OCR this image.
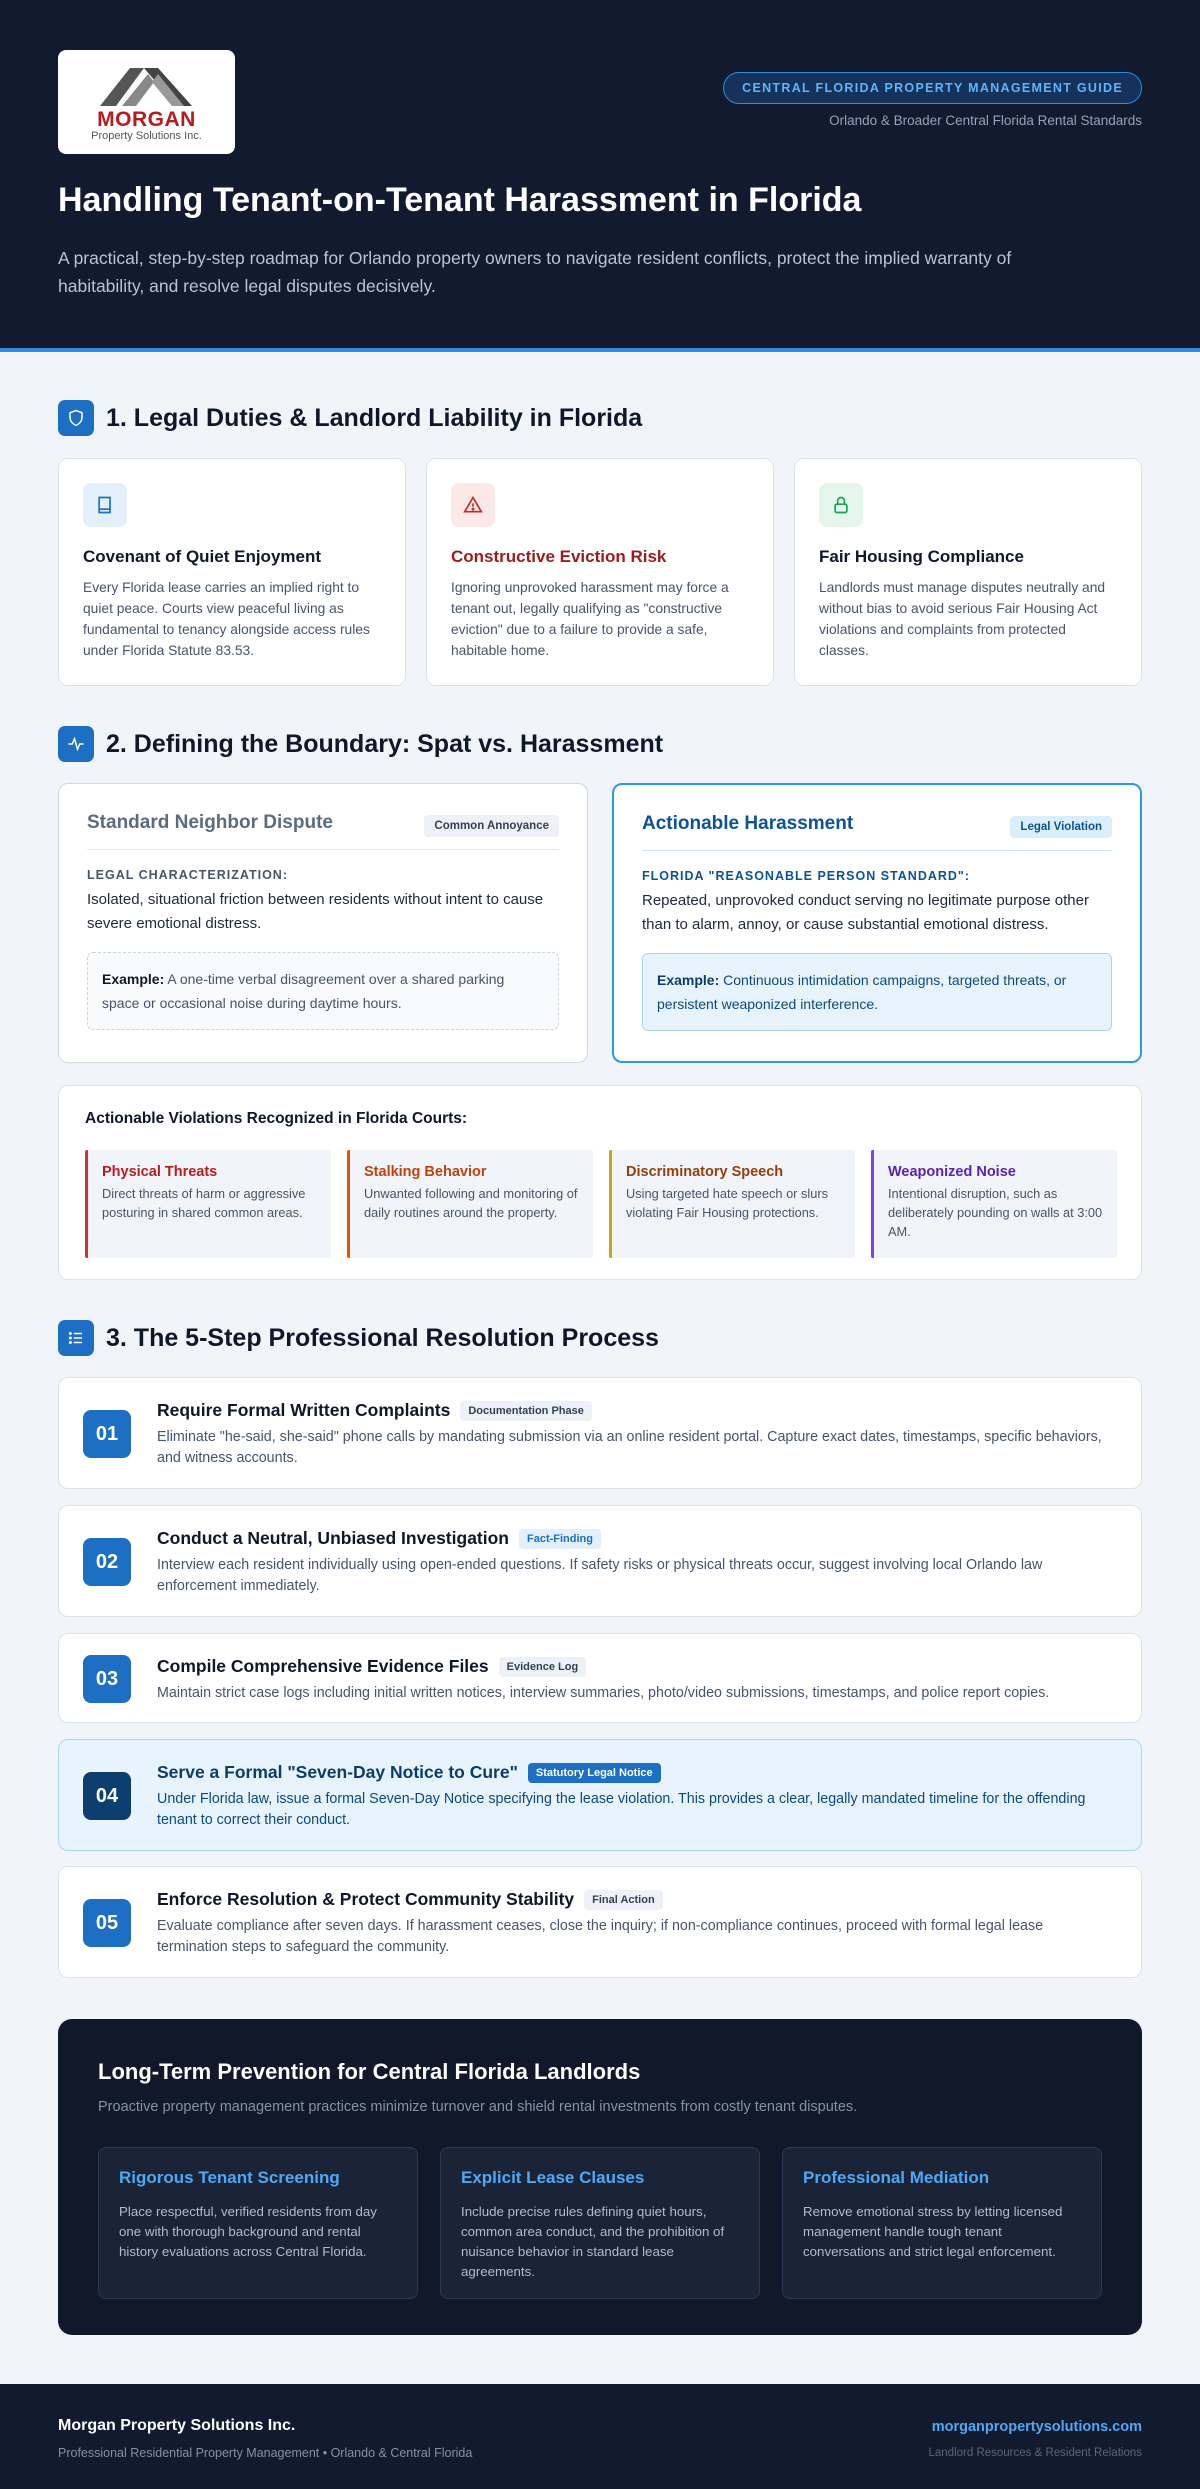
MORGAN
Property Solutions Inc.
CENTRAL FLORIDA PROPERTY MANAGEMENT GUIDE
Orlando & Broader Central Florida Rental Standards
Handling Tenant-on-Tenant Harassment in Florida

A practical, step-by-step roadmap for Orlando property owners to navigate resident conflicts, protect the implied warranty of habitability, and resolve legal disputes decisively.

1. Legal Duties & Landlord Liability in Florida
Covenant of Quiet Enjoyment

Every Florida lease carries an implied right to quiet peace. Courts view peaceful living as fundamental to tenancy alongside access rules under Florida Statute 83.53.

Constructive Eviction Risk

Ignoring unprovoked harassment may force a tenant out, legally qualifying as "constructive eviction" due to a failure to provide a safe, habitable home.

Fair Housing Compliance

Landlords must manage disputes neutrally and without bias to avoid serious Fair Housing Act violations and complaints from protected classes.

2. Defining the Boundary: Spat vs. Harassment
Standard Neighbor Dispute	Common Annoyance
LEGAL CHARACTERIZATION:
Isolated, situational friction between residents without intent to cause severe emotional distress.
Example: A one-time verbal disagreement over a shared parking space or occasional noise during daytime hours.
Actionable Harassment	Legal Violation
FLORIDA "REASONABLE PERSON STANDARD":
Repeated, unprovoked conduct serving no legitimate purpose other than to alarm, annoy, or cause substantial emotional distress.
Example: Continuous intimidation campaigns, targeted threats, or persistent weaponized interference.
Actionable Violations Recognized in Florida Courts:
Physical Threats
Direct threats of harm or aggressive posturing in shared common areas.
Stalking Behavior
Unwanted following and monitoring of daily routines around the property.
Discriminatory Speech
Using targeted hate speech or slurs violating Fair Housing protections.
Weaponized Noise
Intentional disruption, such as deliberately pounding on walls at 3:00 AM.
3. The 5-Step Professional Resolution Process
01
Require Formal Written Complaints	Documentation Phase
Eliminate "he-said, she-said" phone calls by mandating submission via an online resident portal. Capture exact dates, timestamps, specific behaviors, and witness accounts.
02
Conduct a Neutral, Unbiased Investigation	Fact-Finding
Interview each resident individually using open-ended questions. If safety risks or physical threats occur, suggest involving local Orlando law enforcement immediately.
03
Compile Comprehensive Evidence Files	Evidence Log
Maintain strict case logs including initial written notices, interview summaries, photo/video submissions, timestamps, and police report copies.
04
Serve a Formal "Seven-Day Notice to Cure"	Statutory Legal Notice
Under Florida law, issue a formal Seven-Day Notice specifying the lease violation. This provides a clear, legally mandated timeline for the offending tenant to correct their conduct.
05
Enforce Resolution & Protect Community Stability	Final Action
Evaluate compliance after seven days. If harassment ceases, close the inquiry; if non-compliance continues, proceed with formal legal lease termination steps to safeguard the community.
Long-Term Prevention for Central Florida Landlords
Proactive property management practices minimize turnover and shield rental investments from costly tenant disputes.
Rigorous Tenant Screening
Place respectful, verified residents from day one with thorough background and rental history evaluations across Central Florida.
Explicit Lease Clauses
Include precise rules defining quiet hours, common area conduct, and the prohibition of nuisance behavior in standard lease agreements.
Professional Mediation
Remove emotional stress by letting licensed management handle tough tenant conversations and strict legal enforcement.
Morgan Property Solutions Inc.
Professional Residential Property Management • Orlando & Central Florida
morganpropertysolutions.com
Landlord Resources & Resident Relations
